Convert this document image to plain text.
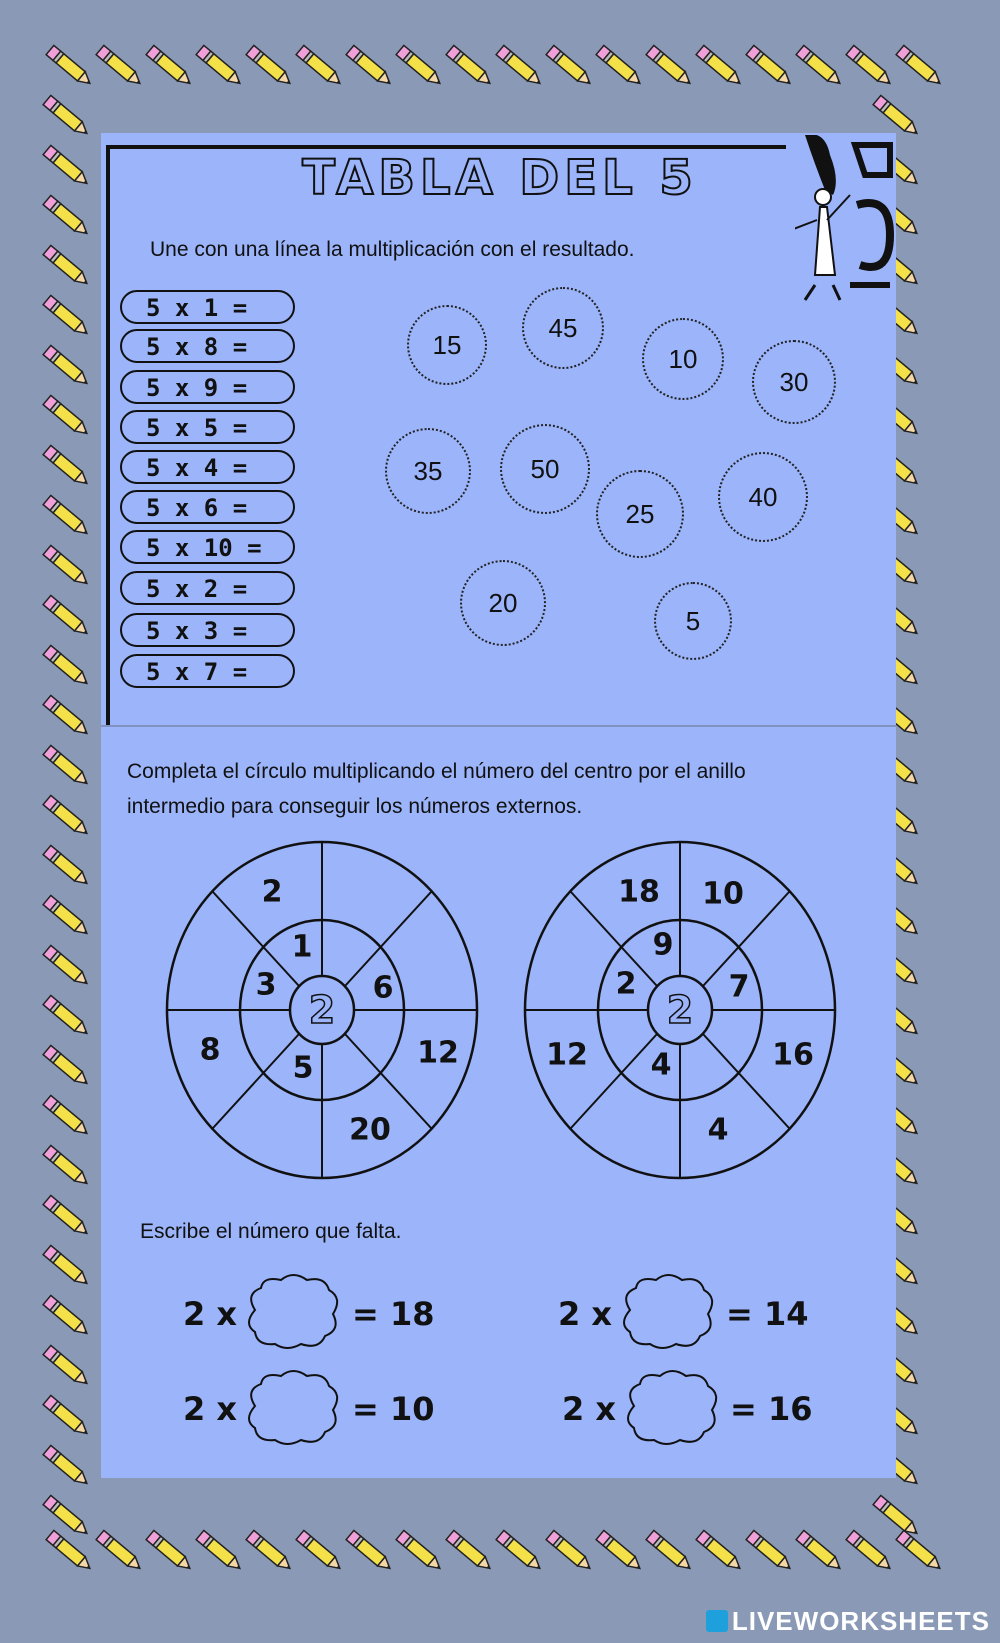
TABLA DEL 5
Une con una línea la multiplicación con el resultado.
5 x 1 =
5 x 8 =
5 x 9 =
5 x 5 =
5 x 4 =
5 x 6 =
5 x 10 =
5 x 2 =
5 x 3 =
5 x 7 =
15
45
10
30
35	50
25
40
20
5
Completa el círculo multiplicando el número del centro por el anillo
intermedio para conseguir los números externos.
2
1
6
5
3
2
12
20
8
2
9
7
4
2
18 10
16
4
12
Escribe el número que falta.
2 x	= 18	2 x	= 14
2 x	= 10	2 x	= 16
LIVEWORKSHEETS
